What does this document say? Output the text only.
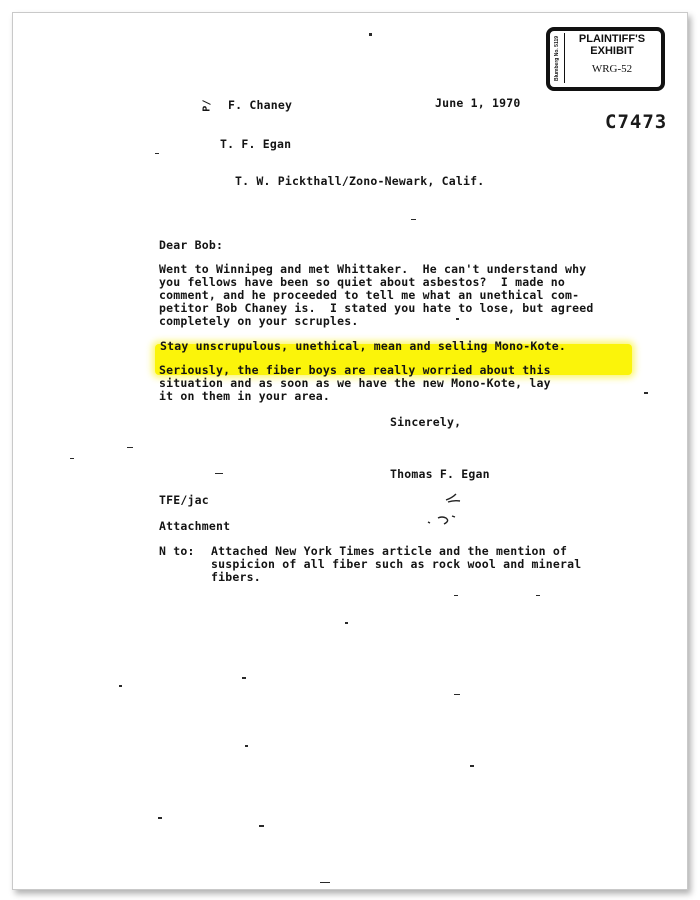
Blumberg No. 5119	PLAINTIFF'S
EXHIBIT
WRG-52
C7473
P/ F. Chaney	June 1, 1970
T. F. Egan
T. W. Pickthall/Zono-Newark, Calif.
Dear Bob:
Went to Winnipeg and met Whittaker.  He can't understand why
you fellows have been so quiet about asbestos?  I made no
comment, and he proceeded to tell me what an unethical com-
petitor Bob Chaney is.  I stated you hate to lose, but agreed
completely on your scruples.
Stay unscrupulous, unethical, mean and selling Mono-Kote.
Seriously, the fiber boys are really worried about this
situation and as soon as we have the new Mono-Kote, lay
it on them in your area.
Sincerely,
Thomas F. Egan
TFE/jac
Attachment
N to: Attached New York Times article and the mention of
suspicion of all fiber such as rock wool and mineral
fibers.
